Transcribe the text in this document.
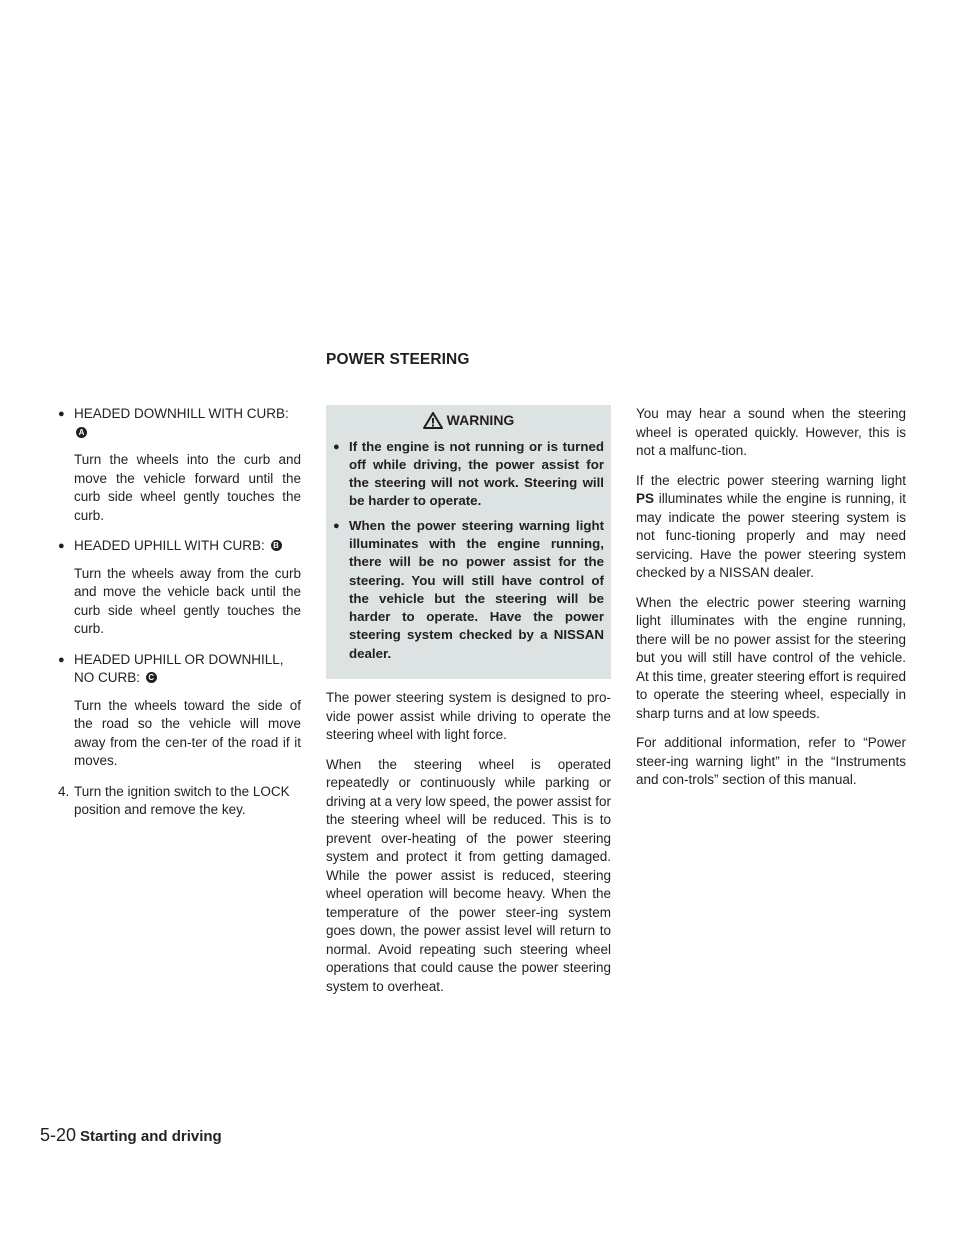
POWER STEERING
● HEADED DOWNHILL WITH CURB: A

Turn the wheels into the curb and move the vehicle forward until the curb side wheel gently touches the curb.

● HEADED UPHILL WITH CURB: B

Turn the wheels away from the curb and move the vehicle back until the curb side wheel gently touches the curb.

● HEADED UPHILL OR DOWNHILL, NO CURB: C

Turn the wheels toward the side of the road so the vehicle will move away from the cen-ter of the road if it moves.

4. Turn the ignition switch to the LOCK position and remove the key.
WARNING
● If the engine is not running or is turned off while driving, the power assist for the steering will not work. Steering will be harder to operate.
● When the power steering warning light illuminates with the engine running, there will be no power assist for the steering. You will still have control of the vehicle but the steering will be harder to operate. Have the power steering system checked by a NISSAN dealer.

The power steering system is designed to pro-vide power assist while driving to operate the steering wheel with light force.

When the steering wheel is operated repeatedly or continuously while parking or driving at a very low speed, the power assist for the steering wheel will be reduced. This is to prevent over-heating of the power steering system and protect it from getting damaged. While the power assist is reduced, steering wheel operation will become heavy. When the temperature of the power steer-ing system goes down, the power assist level will return to normal. Avoid repeating such steering wheel operations that could cause the power steering system to overheat.

You may hear a sound when the steering wheel is operated quickly. However, this is not a malfunc-tion.

If the electric power steering warning light PS illuminates while the engine is running, it may indicate the power steering system is not func-tioning properly and may need servicing. Have the power steering system checked by a NISSAN dealer.

When the electric power steering warning light illuminates with the engine running, there will be no power assist for the steering but you will still have control of the vehicle. At this time, greater steering effort is required to operate the steering wheel, especially in sharp turns and at low speeds.

For additional information, refer to “Power steer-ing warning light” in the “Instruments and con-trols” section of this manual.

5-20 Starting and driving
